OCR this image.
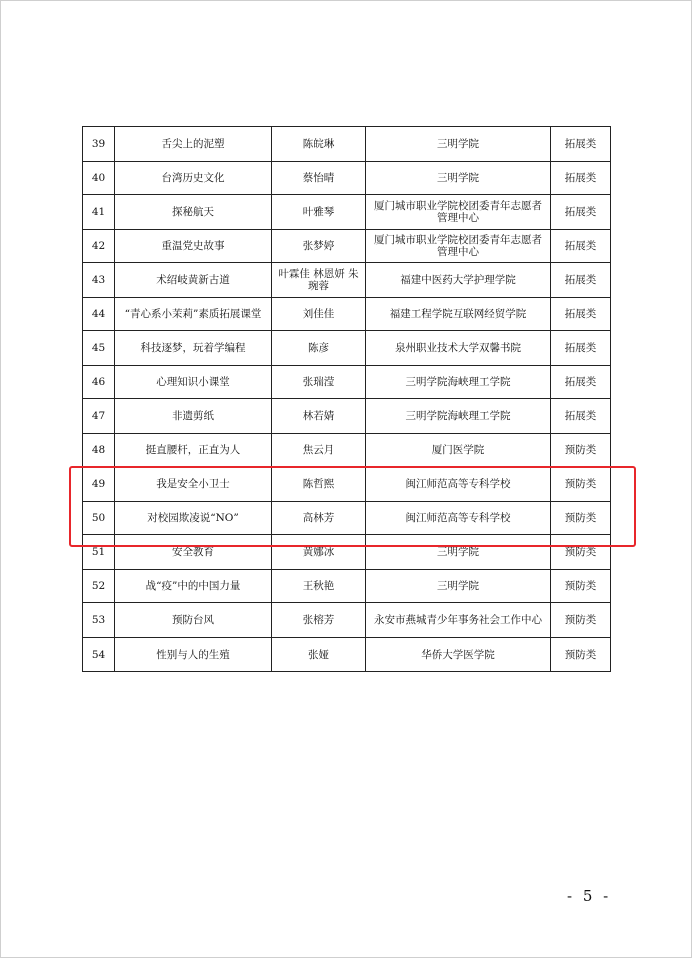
39	舌尖上的泥塑	陈皖琳	三明学院	拓展类
40	台湾历史文化	蔡怡晴	三明学院	拓展类
41	探秘航天	叶雅琴	厦门城市职业学院校团委青年志愿者管理中心	拓展类
42	重温党史故事	张梦婷	厦门城市职业学院校团委青年志愿者管理中心	拓展类
43	术绍岐黄新古道	叶霖佳 林恩妍 朱琬蓉	福建中医药大学护理学院	拓展类
44	“青心系小茉莉”素质拓展课堂	刘佳佳	福建工程学院互联网经贸学院	拓展类
45	科技逐梦，玩着学编程	陈彦	泉州职业技术大学双馨书院	拓展类
46	心理知识小课堂	张瑞滢	三明学院海峡理工学院	拓展类
47	非遗剪纸	林若婧	三明学院海峡理工学院	拓展类
48	挺直腰杆，正直为人	焦云月	厦门医学院	预防类
49	我是安全小卫士	陈哲熙	闽江师范高等专科学校	预防类
50	对校园欺凌说“NO”	高林芳	闽江师范高等专科学校	预防类
51	安全教育	黄娜冰	三明学院	预防类
52	战“疫”中的中国力量	王秋艳	三明学院	预防类
53	预防台风	张榕芳	永安市燕城青少年事务社会工作中心	预防类
54	性别与人的生殖	张娅	华侨大学医学院	预防类
- 5 -
